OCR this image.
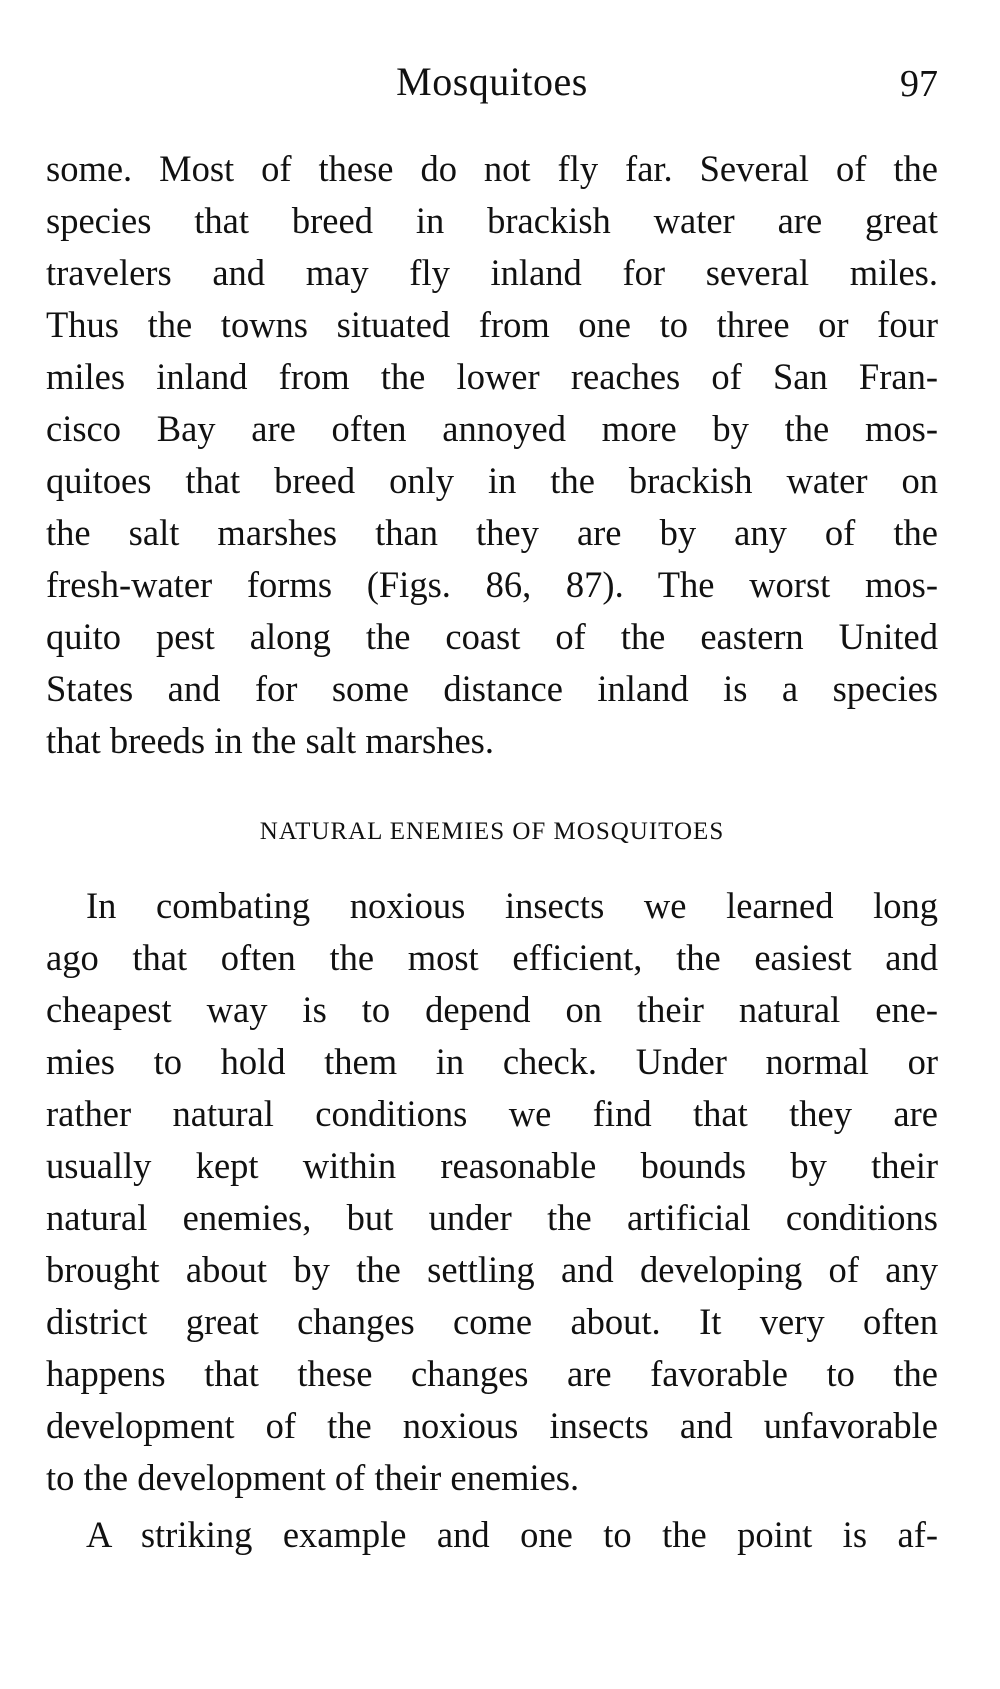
Mosquitoes	97
some. Most of these do not fly far. Several of the
species that breed in brackish water are great
travelers and may fly inland for several miles.
Thus the towns situated from one to three or four
miles inland from the lower reaches of San Fran-
cisco Bay are often annoyed more by the mos-
quitoes that breed only in the brackish water on
the salt marshes than they are by any of the
fresh-water forms (Figs. 86, 87). The worst mos-
quito pest along the coast of the eastern United
States and for some distance inland is a species
that breeds in the salt marshes.
NATURAL ENEMIES OF MOSQUITOES
In combating noxious insects we learned long
ago that often the most efficient, the easiest and
cheapest way is to depend on their natural ene-
mies to hold them in check. Under normal or
rather natural conditions we find that they are
usually kept within reasonable bounds by their
natural enemies, but under the artificial conditions
brought about by the settling and developing of any
district great changes come about. It very often
happens that these changes are favorable to the
development of the noxious insects and unfavorable
to the development of their enemies.
A striking example and one to the point is af-
